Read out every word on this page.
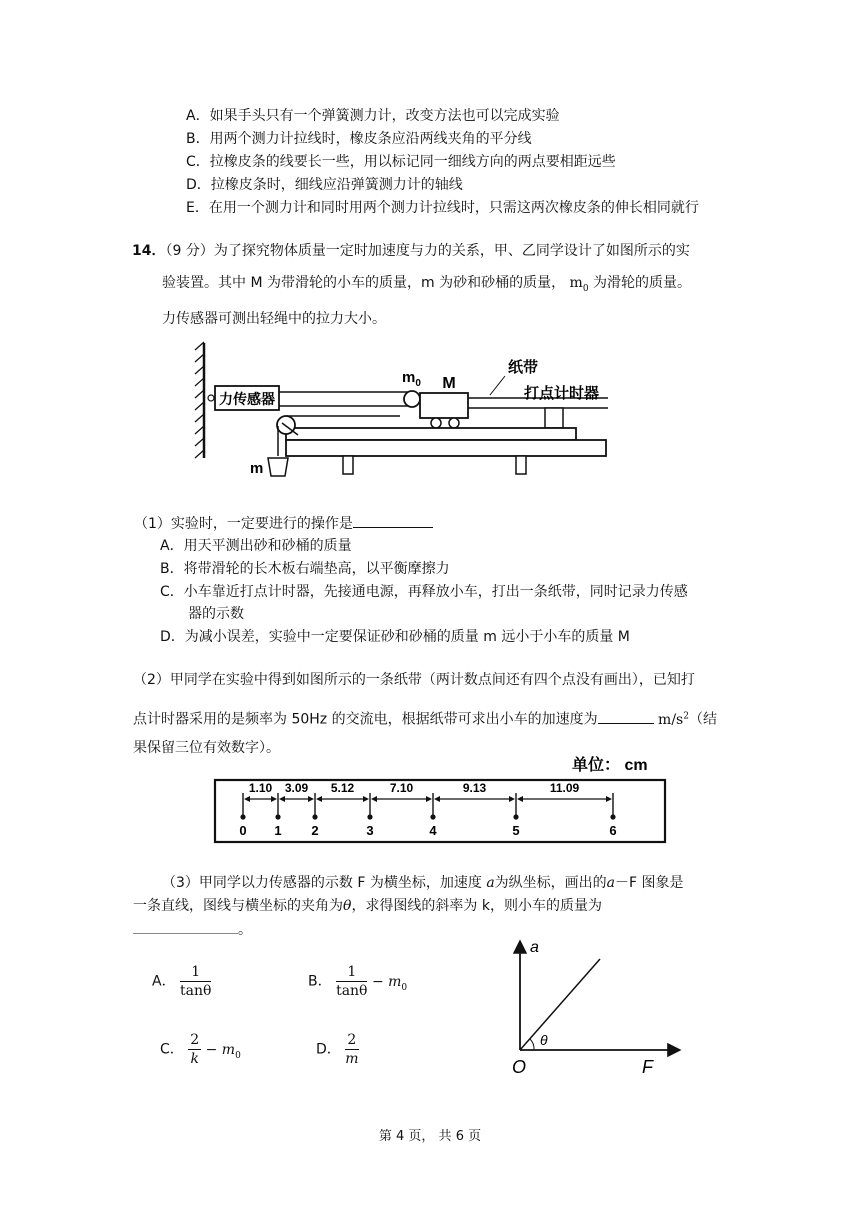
A．如果手头只有一个弹簧测力计，改变方法也可以完成实验
B．用两个测力计拉线时，橡皮条应沿两线夹角的平分线
C．拉橡皮条的线要长一些，用以标记同一细线方向的两点要相距远些
D．拉橡皮条时，细线应沿弹簧测力计的轴线
E．在用一个测力计和同时用两个测力计拉线时，只需这两次橡皮条的伸长相同就行
14．（9 分）为了探究物体质量一定时加速度与力的关系，甲、乙同学设计了如图所示的实
验装置。其中 M 为带滑轮的小车的质量，m 为砂和砂桶的质量， $m_0$ 为滑轮的质量。
力传感器可测出轻绳中的拉力大小。
力传感器
$m_0$ M
纸带
打点计时器
m
（1）实验时，一定要进行的操作是
A．用天平测出砂和砂桶的质量
B．将带滑轮的长木板右端垫高，以平衡摩擦力
C．小车靠近打点计时器，先接通电源，再释放小车，打出一条纸带，同时记录力传感
器的示数
D．为减小误差，实验中一定要保证砂和砂桶的质量 m 远小于小车的质量 M
（2）甲同学在实验中得到如图所示的一条纸带（两计数点间还有四个点没有画出），已知打
点计时器采用的是频率为 50Hz 的交流电，根据纸带可求出小车的加速度为	$m/s^2$（结
果保留三位有效数字）。
单位： cm
0 1 2	3	4	5	6
1.10 3.09 5.12	7.10	9.13	11.09
（3）甲同学以力传感器的示数 F 为横坐标，加速度 a为纵坐标，画出的a－F 图象是
一条直线，图线与横坐标的夹角为θ，求得图线的斜率为 k，则小车的质量为
。
A． $\frac{1}{\tan\theta}$	B． $\frac{1}{\tan\theta} - m_0$
C． $\frac{2}{k} - m_0$	D． $\frac{2}{m}$
a
F
O
θ
第 4 页， 共 6 页
